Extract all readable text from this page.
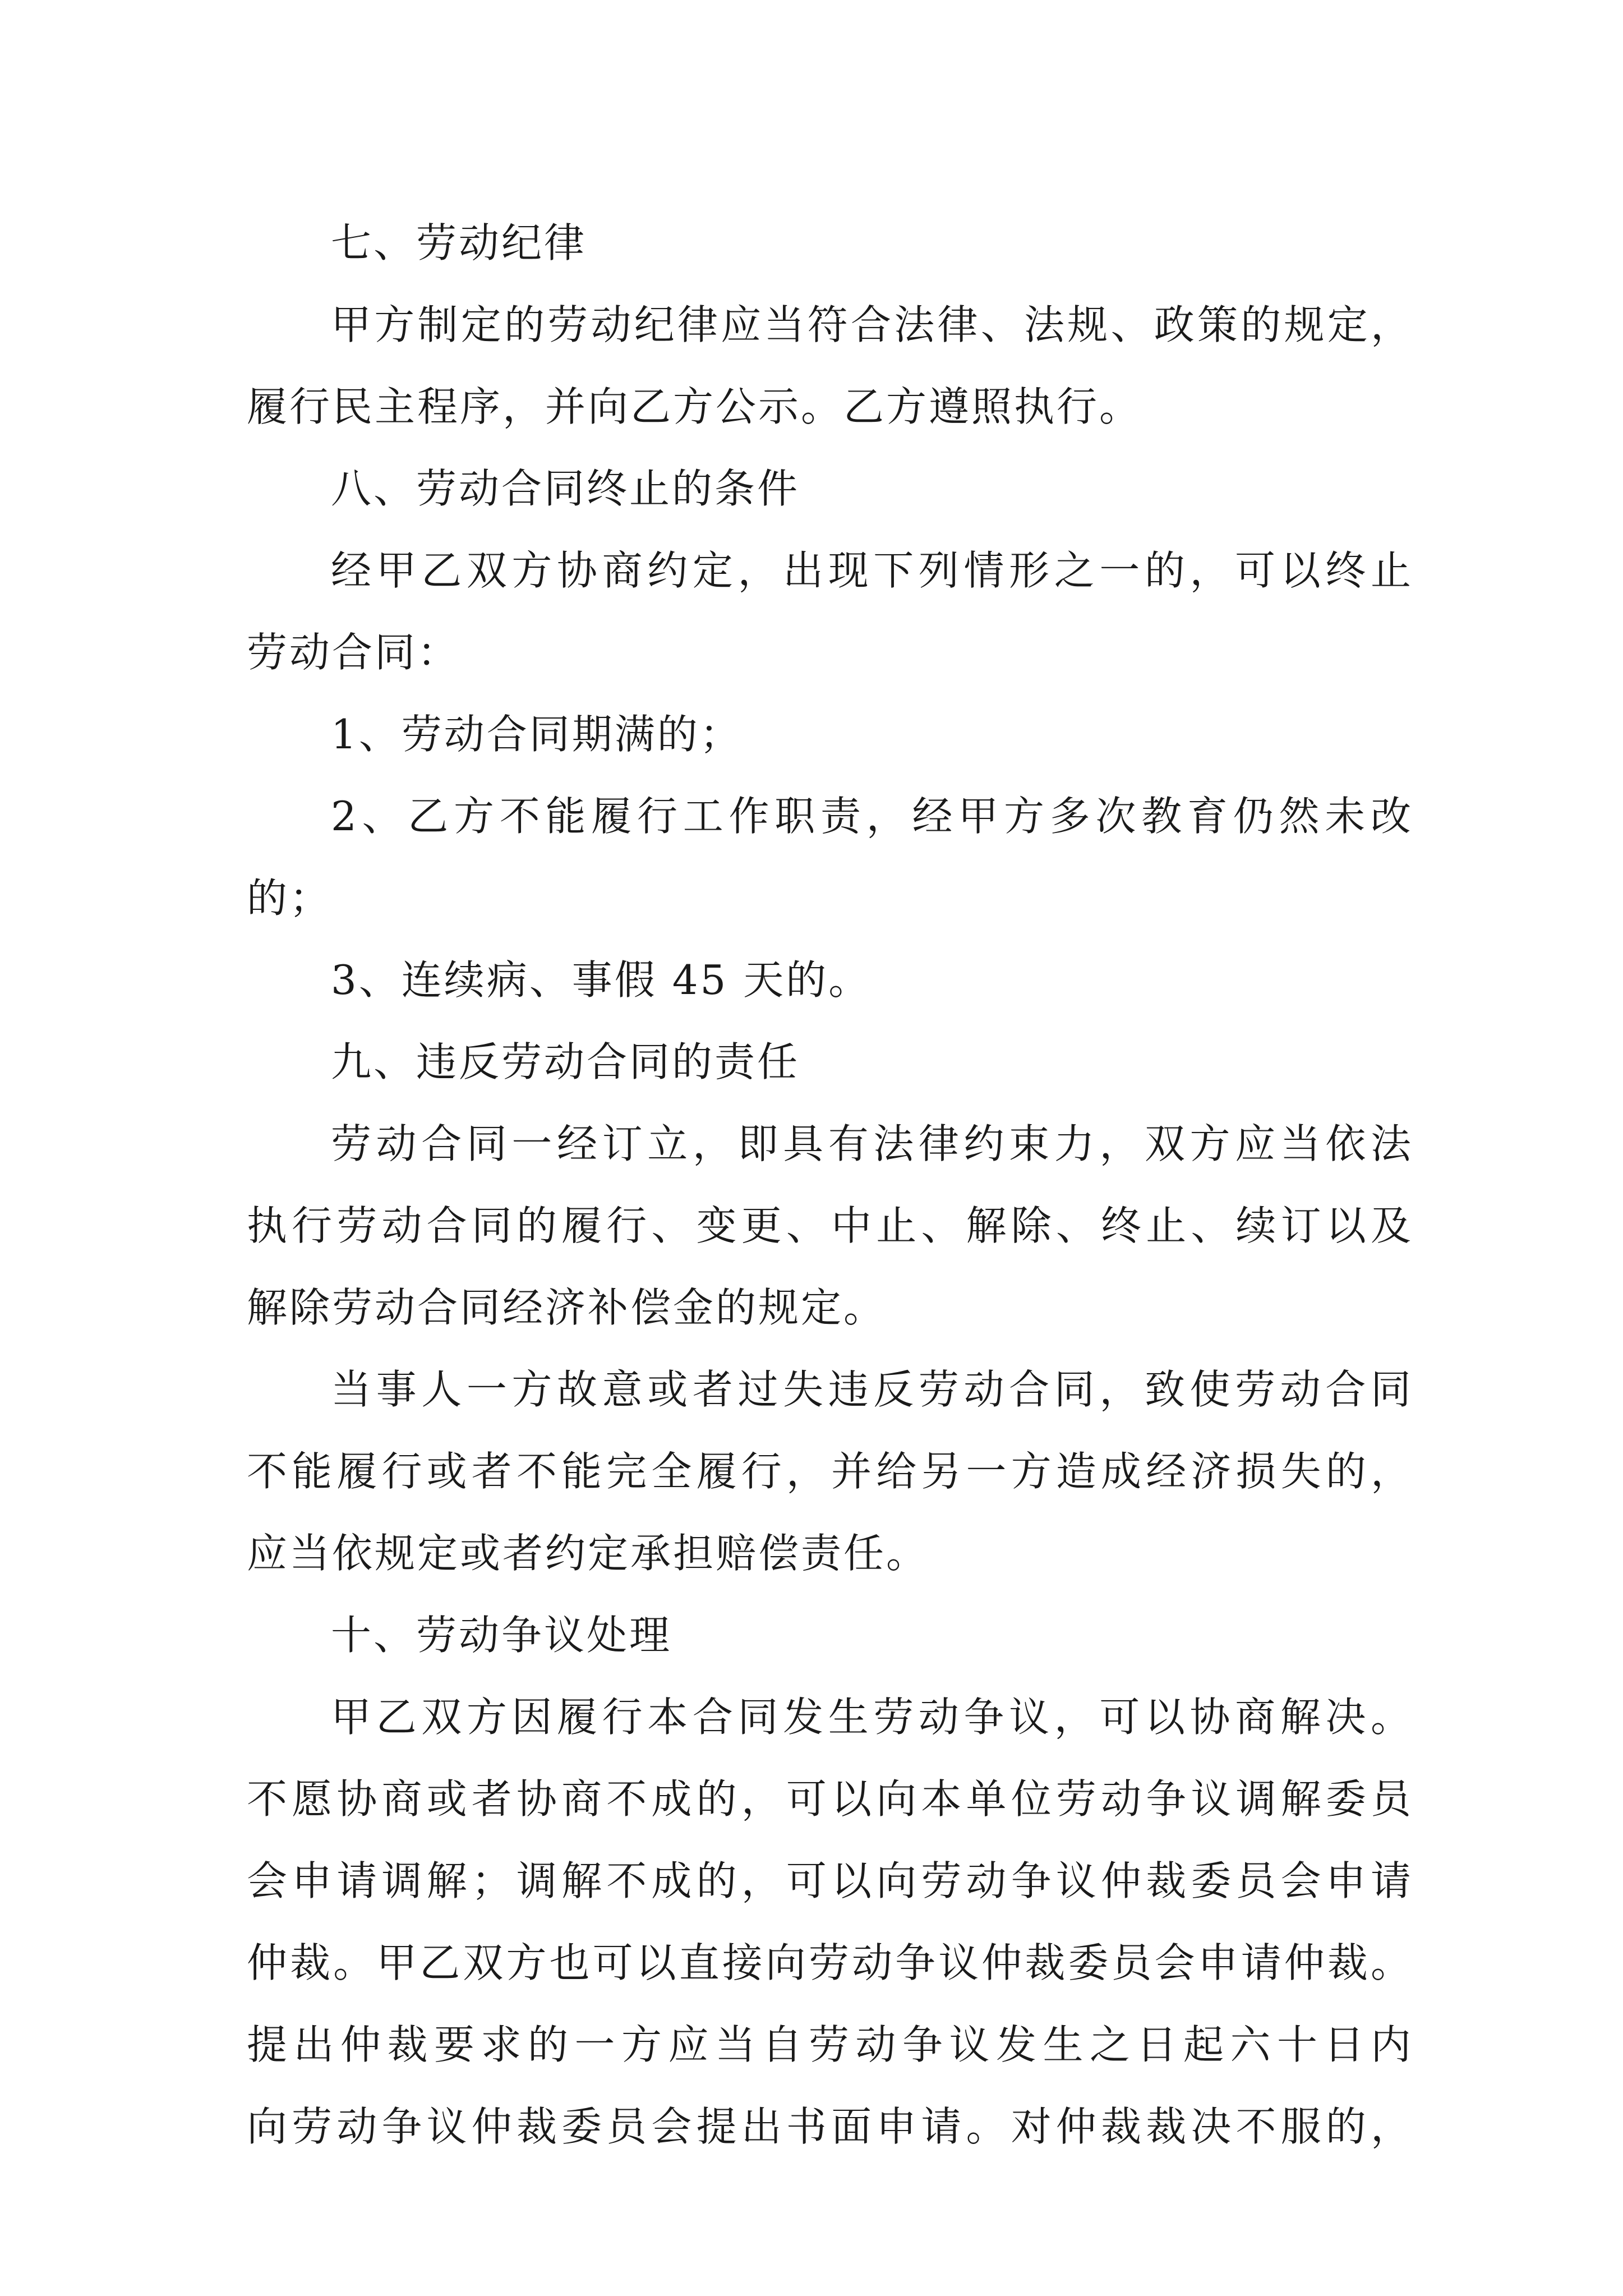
七、劳动纪律
甲方制定的劳动纪律应当符合法律、法规、政策的规定，
履行民主程序，并向乙方公示。乙方遵照执行。
八、劳动合同终止的条件
经甲乙双方协商约定，出现下列情形之一的，可以终止
劳动合同：
1、劳动合同期满的；
2、乙方不能履行工作职责，经甲方多次教育仍然未改
的；
3、连续病、事假 45 天的。
九、违反劳动合同的责任
劳动合同一经订立，即具有法律约束力，双方应当依法
执行劳动合同的履行、变更、中止、解除、终止、续订以及
解除劳动合同经济补偿金的规定。
当事人一方故意或者过失违反劳动合同，致使劳动合同
不能履行或者不能完全履行，并给另一方造成经济损失的，
应当依规定或者约定承担赔偿责任。
十、劳动争议处理
甲乙双方因履行本合同发生劳动争议，可以协商解决。
不愿协商或者协商不成的，可以向本单位劳动争议调解委员
会申请调解；调解不成的，可以向劳动争议仲裁委员会申请
仲裁。甲乙双方也可以直接向劳动争议仲裁委员会申请仲裁。
提出仲裁要求的一方应当自劳动争议发生之日起六十日内
向劳动争议仲裁委员会提出书面申请。对仲裁裁决不服的，
